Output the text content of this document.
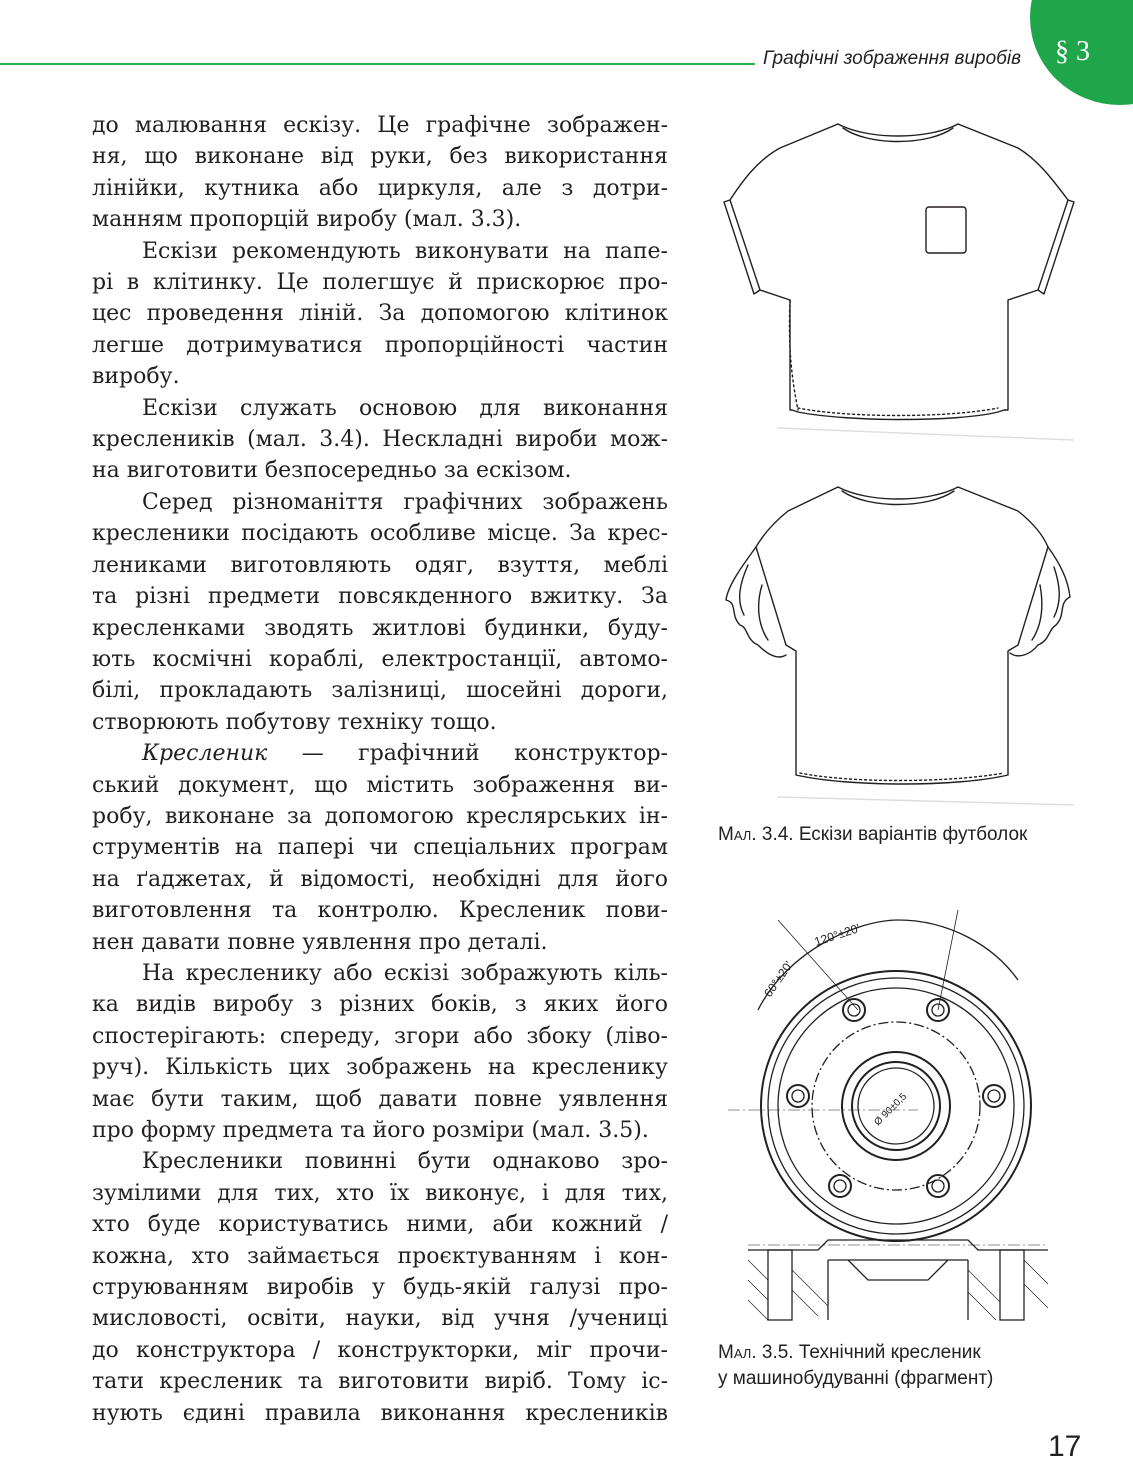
Графічні зображення виробів § 3
до малювання ескізу. Це графічне зображен-
ня, що виконане від руки, без використання
лінійки, кутника або циркуля, але з дотри-
манням пропорцій виробу (мал. 3.3).
Ескізи рекомендують виконувати на папе-
рі в клітинку. Це полегшує й прискорює про-
цес проведення ліній. За допомогою клітинок
легше дотримуватися пропорційності частин
виробу.
Ескізи служать основою для виконання
креслеників (мал. 3.4). Нескладні вироби мож-
на виготовити безпосередньо за ескізом.
Серед різноманіття графічних зображень
кресленики посідають особливе місце. За крес-
лениками виготовляють одяг, взуття, меблі
та різні предмети повсякденного вжитку. За
кресленками зводять житлові будинки, буду-
ють космічні кораблі, електростанції, автомо-
білі, прокладають залізниці, шосейні дороги,
створюють побутову техніку тощо.
Кресленик — графічний конструктор-
ський документ, що містить зображення ви-
робу, виконане за допомогою креслярських ін-
струментів на папері чи спеціальних програм
на ґаджетах, й відомості, необхідні для його
виготовлення та контролю. Кресленик пови-
нен давати повне уявлення про деталі.
На кресленику або ескізі зображують кіль-
ка видів виробу з різних боків, з яких його
спостерігають: спереду, згори або збоку (ліво-
руч). Кількість цих зображень на кресленику
має бути таким, щоб давати повне уявлення
про форму предмета та його розміри (мал. 3.5).
Кресленики повинні бути однаково зро-
зумілими для тих, хто їх виконує, і для тих,
хто буде користуватись ними, аби кожний /
кожна, хто займається проєктуванням і кон-
струюванням виробів у будь-якій галузі про-
мисловості, освіти, науки, від учня /учениці
до конструктора / конструкторки, міг прочи-
тати кресленик та виготовити виріб. Тому іс-
нують єдині правила виконання креслеників
Мал. 3.4. Ескізи варіантів футболок
120°±20'
60°±20'
Ø 90±0,5
Мал. 3.5. Технічний кресленик
у машинобудуванні (фрагмент)
17
